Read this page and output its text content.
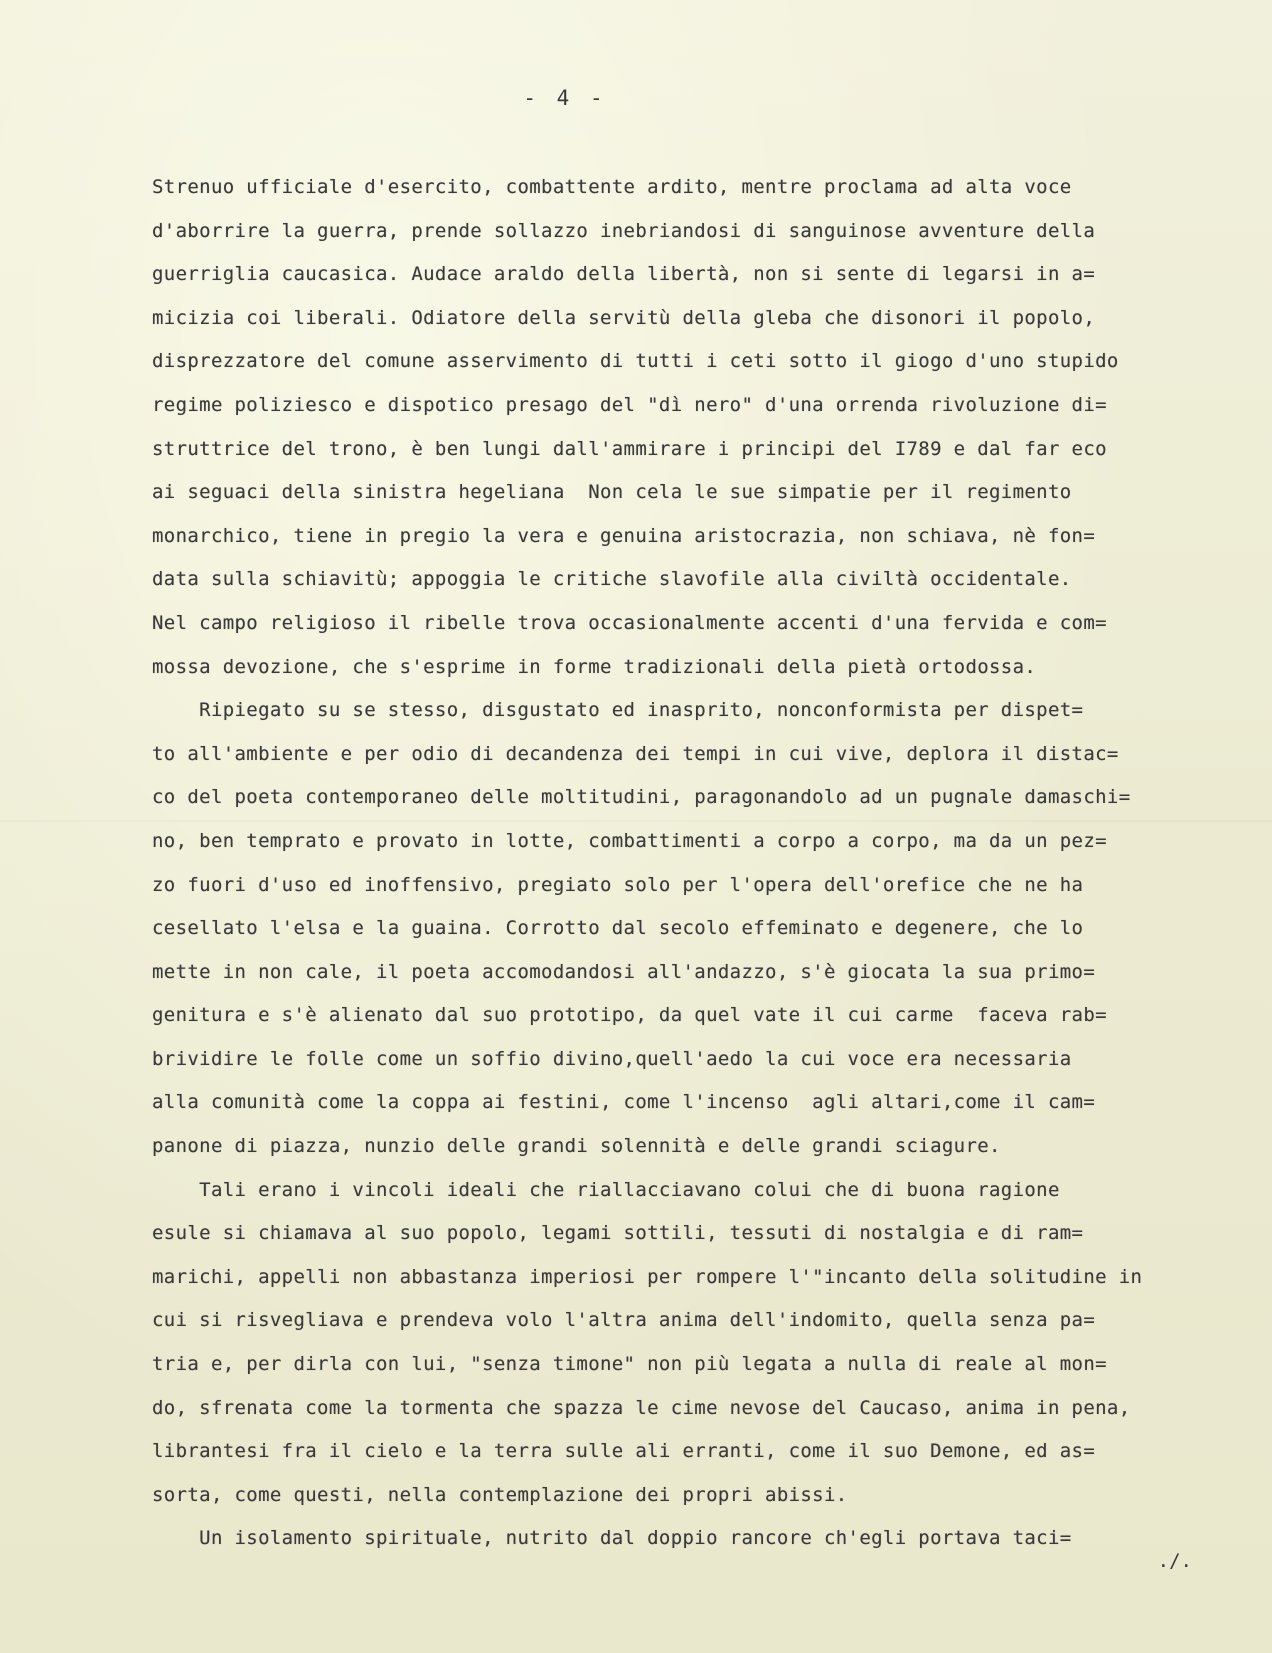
- 4 -
Strenuo ufficiale d'esercito, combattente ardito, mentre proclama ad alta voce
d'aborrire la guerra, prende sollazzo inebriandosi di sanguinose avventure della
guerriglia caucasica. Audace araldo della libertà, non si sente di legarsi in a=
micizia coi liberali. Odiatore della servitù della gleba che disonori il popolo,
disprezzatore del comune asservimento di tutti i ceti sotto il giogo d'uno stupido
regime poliziesco e dispotico presago del "dì nero" d'una orrenda rivoluzione di=
struttrice del trono, è ben lungi dall'ammirare i principi del I789 e dal far eco
ai seguaci della sinistra hegeliana  Non cela le sue simpatie per il regimento
monarchico, tiene in pregio la vera e genuina aristocrazia, non schiava, nè fon=
data sulla schiavitù; appoggia le critiche slavofile alla civiltà occidentale.
Nel campo religioso il ribelle trova occasionalmente accenti d'una fervida e com=
mossa devozione, che s'esprime in forme tradizionali della pietà ortodossa.
Ripiegato su se stesso, disgustato ed inasprito, nonconformista per dispet=
to all'ambiente e per odio di decandenza dei tempi in cui vive, deplora il distac=
co del poeta contemporaneo delle moltitudini, paragonandolo ad un pugnale damaschi=
no, ben temprato e provato in lotte, combattimenti a corpo a corpo, ma da un pez=
zo fuori d'uso ed inoffensivo, pregiato solo per l'opera dell'orefice che ne ha
cesellato l'elsa e la guaina. Corrotto dal secolo effeminato e degenere, che lo
mette in non cale, il poeta accomodandosi all'andazzo, s'è giocata la sua primo=
genitura e s'è alienato dal suo prototipo, da quel vate il cui carme  faceva rab=
brividire le folle come un soffio divino,quell'aedo la cui voce era necessaria
alla comunità come la coppa ai festini, come l'incenso  agli altari,come il cam=
panone di piazza, nunzio delle grandi solennità e delle grandi sciagure.
Tali erano i vincoli ideali che riallacciavano colui che di buona ragione
esule si chiamava al suo popolo, legami sottili, tessuti di nostalgia e di ram=
marichi, appelli non abbastanza imperiosi per rompere l'"incanto della solitudine in
cui si risvegliava e prendeva volo l'altra anima dell'indomito, quella senza pa=
tria e, per dirla con lui, "senza timone" non più legata a nulla di reale al mon=
do, sfrenata come la tormenta che spazza le cime nevose del Caucaso, anima in pena,
librantesi fra il cielo e la terra sulle ali erranti, come il suo Demone, ed as=
sorta, come questi, nella contemplazione dei propri abissi.
Un isolamento spirituale, nutrito dal doppio rancore ch'egli portava taci=
./.
